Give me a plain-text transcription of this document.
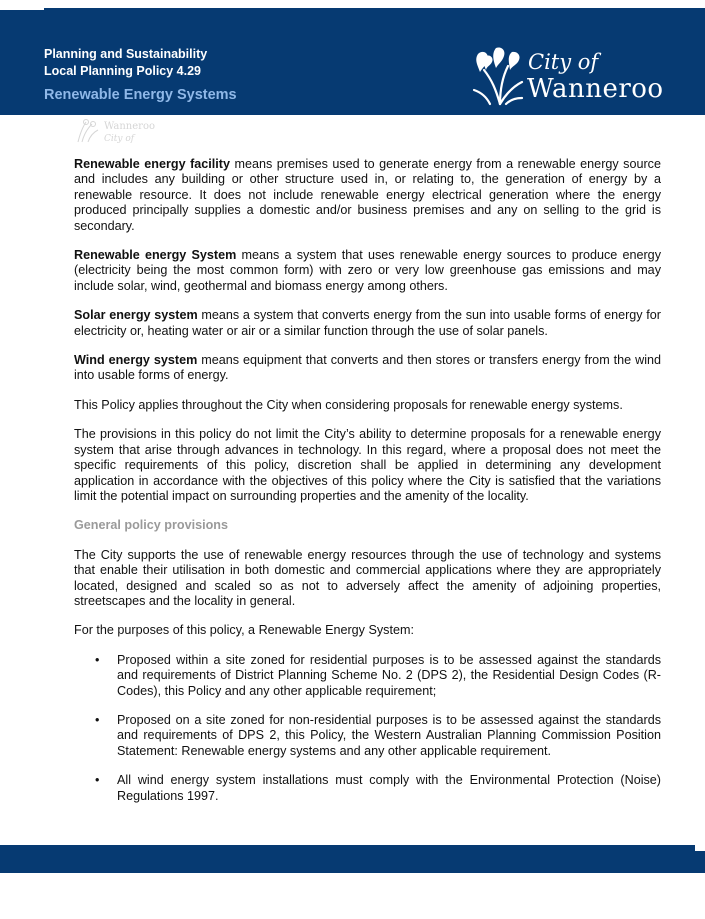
Planning and Sustainability

Local Planning Policy 4.29

Renewable Energy Systems
City of
Wanneroo
Wanneroo
City of

Renewable energy facility means premises used to generate energy from a renewable energy source and includes any building or other structure used in, or relating to, the generation of energy by a renewable resource. It does not include renewable energy electrical generation where the energy produced principally supplies a domestic and/or business premises and any on selling to the grid is secondary.

Renewable energy System means a system that uses renewable energy sources to produce energy (electricity being the most common form) with zero or very low greenhouse gas emissions and may include solar, wind, geothermal and biomass energy among others.

Solar energy system means a system that converts energy from the sun into usable forms of energy for electricity or, heating water or air or a similar function through the use of solar panels.

Wind energy system means equipment that converts and then stores or transfers energy from the wind into usable forms of energy.

This Policy applies throughout the City when considering proposals for renewable energy systems.

The provisions in this policy do not limit the City’s ability to determine proposals for a renewable energy system that arise through advances in technology. In this regard, where a proposal does not meet the specific requirements of this policy, discretion shall be applied in determining any development application in accordance with the objectives of this policy where the City is satisfied that the variations limit the potential impact on surrounding properties and the amenity of the locality.

General policy provisions

The City supports the use of renewable energy resources through the use of technology and systems that enable their utilisation in both domestic and commercial applications where they are appropriately located, designed and scaled so as not to adversely affect the amenity of adjoining properties, streetscapes and the locality in general.

For the purposes of this policy, a Renewable Energy System:

• Proposed within a site zoned for residential purposes is to be assessed against the standards and requirements of District Planning Scheme No. 2 (DPS 2), the Residential Design Codes (R-Codes), this Policy and any other applicable requirement;
• Proposed on a site zoned for non-residential purposes is to be assessed against the standards and requirements of DPS 2, this Policy, the Western Australian Planning Commission Position Statement: Renewable energy systems and any other applicable requirement.
• All wind energy system installations must comply with the Environmental Protection (Noise) Regulations 1997.
